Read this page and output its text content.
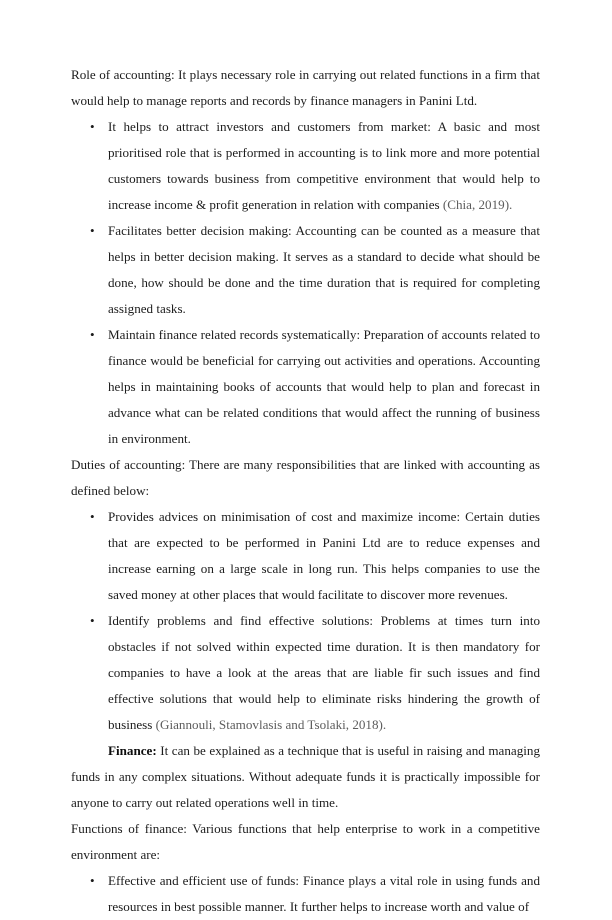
Role of accounting: It plays necessary role in carrying out related functions in a firm that would help to manage reports and records by finance managers in Panini Ltd.

• It helps to attract investors and customers from market: A basic and most prioritised role that is performed in accounting is to link more and more potential customers towards business from competitive environment that would help to increase income & profit generation in relation with companies (Chia, 2019).
• Facilitates better decision making: Accounting can be counted as a measure that helps in better decision making. It serves as a standard to decide what should be done, how should be done and the time duration that is required for completing assigned tasks.
• Maintain finance related records systematically: Preparation of accounts related to finance would be beneficial for carrying out activities and operations. Accounting helps in maintaining books of accounts that would help to plan and forecast in advance what can be related conditions that would affect the running of business in environment.

Duties of accounting: There are many responsibilities that are linked with accounting as defined below:

• Provides advices on minimisation of cost and maximize income: Certain duties that are expected to be performed in Panini Ltd are to reduce expenses and increase earning on a large scale in long run. This helps companies to use the saved money at other places that would facilitate to discover more revenues.
• Identify problems and find effective solutions: Problems at times turn into obstacles if not solved within expected time duration. It is then mandatory for companies to have a look at the areas that are liable fir such issues and find effective solutions that would help to eliminate risks hindering the growth of business (Giannouli, Stamovlasis and Tsolaki, 2018).

Finance: It can be explained as a technique that is useful in raising and managing funds in any complex situations. Without adequate funds it is practically impossible for anyone to carry out related operations well in time.

Functions of finance: Various functions that help enterprise to work in a competitive environment are:

• Effective and efficient use of funds: Finance plays a vital role in using funds and resources in best possible manner. It further helps to increase worth and value of
